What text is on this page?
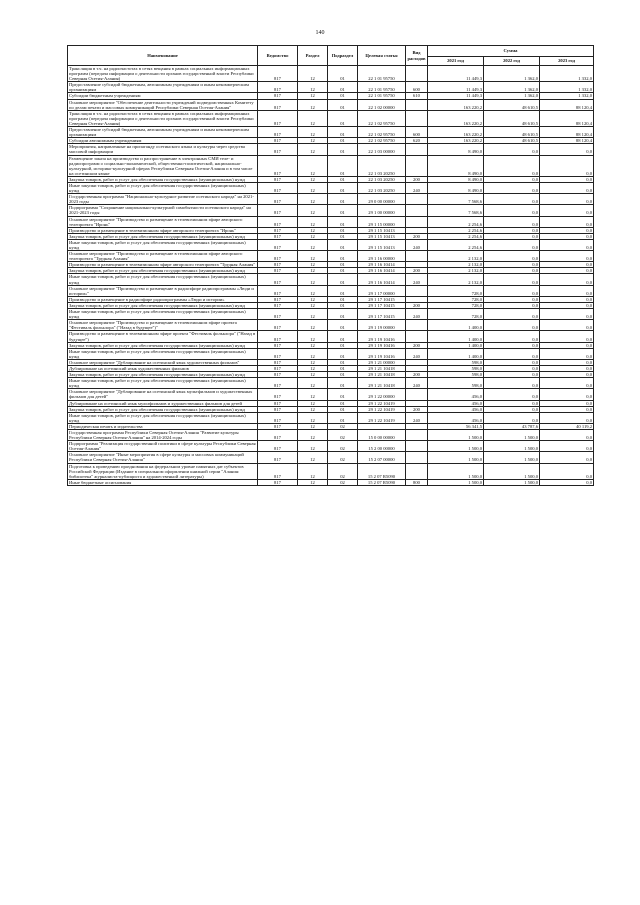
140
Наименование	Ведомство	Раздел	Подраздел	Целевая статья	Вид расходов	Сумма		
						2021 год	2022 год	2023 год
Трансляция в т.ч. на радиочастотах в сетях вещания в рамках социальных информационных программ (передача информации о деятельности органов государственной власти Республики Северная Осетия-Алания)	817	12	01	22 1 01 95750		11 449,3	1 362,0	1 332,0
Предоставление субсидий бюджетным, автономным учреждениям и иным некоммерческим организациям	817	12	01	22 1 01 95750	600	11 449,3	1 362,0	1 332,0
Субсидии бюджетным учреждениям	817	12	01	22 1 01 95750	610	11 449,3	1 362,0	1 332,0
Основное мероприятие "Обеспечение деятельности учреждений подведомственных Комитету по делам печати и массовых коммуникаций Республики Северная Осетия-Алания"	817	12	01	22 1 02 00000		163 220,2	48 610,5	88 120,4
Трансляция в т.ч. на радиочастотах в сетях вещания в рамках социальных информационных программ (передача информации о деятельности органов государственной власти Республики Северная Осетия-Алания)	817	12	01	22 1 02 95750		163 220,2	48 610,5	88 120,4
Предоставление субсидий бюджетным, автономным учреждениям и иным некоммерческим организациям	817	12	01	22 1 02 95750	600	163 220,2	48 610,5	88 120,4
Субсидии автономным учреждениям	817	12	01	22 1 02 95750	620	163 220,2	48 610,5	88 120,4
Мероприятия, направленные на пропаганду осетинского языка и культуры через средства массовой информации	817	12	01	22 1 03 00000		8 490,0	0,0	0,0
Размещение заказа на производство и распространение в электронных СМИ теле- и радиопрограмм о социально-экономической, общественно-политической, национально-культурной, историко-культурной сферах Республики Северная Осетия-Алания и в том числе на осетинском языке	817	12	01	22 1 03 20250		8 490,0	0,0	0,0
Закупка товаров, работ и услуг для обеспечения государственных (муниципальных) нужд	817	12	01	22 1 03 20250	200	8 490,0	0,0	0,0
Иные закупки товаров, работ и услуг для обеспечения государственных (муниципальных) нужд	817	12	01	22 1 03 20250	240	8 490,0	0,0	0,0
Государственная программа "Национально-культурное развитие осетинского народа" на 2021-2023 годы	817	12	01	29 0 00 00000		7 568,6	0,0	0,0
Подпрограмма "Сохранение национально-культурной самобытности осетинского народа" на 2021-2023 годы	817	12	01	29 1 00 00000		7 568,6	0,0	0,0
Основное мероприятие "Производство и размещение в телевизионном эфире авторского телепроекта "Иронь"	817	12	01	29 1 15 00000		2 254,6	0,0	0,0
Производство и размещение в телевизионном эфире авторского телепроекта "Иронь"	817	12	01	29 1 15 10413		2 254,6	0,0	0,0
Закупка товаров, работ и услуг для обеспечения государственных (муниципальных) нужд	817	12	01	29 1 15 10413	200	2 254,6	0,0	0,0
Иные закупки товаров, работ и услуг для обеспечения государственных (муниципальных) нужд	817	12	01	29 1 15 10413	240	2 254,6	0,0	0,0
Основное мероприятие "Производство и размещение в телевизионном эфире авторского телепроекта "Трудная Алания"	817	12	01	29 1 16 00000		2 132,0	0,0	0,0
Производство и размещение в телевизионном эфире авторского телепроекта "Трудная Алания"	817	12	01	29 1 16 10414		2 132,0	0,0	0,0
Закупка товаров, работ и услуг для обеспечения государственных (муниципальных) нужд	817	12	01	29 1 16 10414	200	2 132,0	0,0	0,0
Иные закупки товаров, работ и услуг для обеспечения государственных (муниципальных) нужд	817	12	01	29 1 16 10414	240	2 132,0	0,0	0,0
Основное мероприятие "Производство и размещение в радиоэфире радиопрограммы «Люди и истории»"	817	12	01	29 1 17 00000		728,0	0,0	0,0
Производство и размещение в радиоэфире радиопрограммы «Люди и истории»	817	12	01	29 1 17 10415		728,0	0,0	0,0
Закупка товаров, работ и услуг для обеспечения государственных (муниципальных) нужд	817	12	01	29 1 17 10415	200	728,0	0,0	0,0
Иные закупки товаров, работ и услуг для обеспечения государственных (муниципальных) нужд	817	12	01	29 1 17 10415	240	728,0	0,0	0,0
Основное мероприятие "Производство и размещение в телевизионном эфире проекта "Фестиваль фольклора" ("Назад в будущее")"	817	12	01	29 1 19 00000		1 400,0	0,0	0,0
Производство и размещение в телевизионном эфире проекта "Фестиваль фольклора" ("Назад в будущее")	817	12	01	29 1 19 10416		1 400,0	0,0	0,0
Закупка товаров, работ и услуг для обеспечения государственных (муниципальных) нужд	817	12	01	29 1 19 10416	200	1 400,0	0,0	0,0
Иные закупки товаров, работ и услуг для обеспечения государственных (муниципальных) нужд	817	12	01	29 1 19 10416	240	1 400,0	0,0	0,0
Основное мероприятие "Дублирование на осетинский язык художественных фильмов"	817	12	01	29 1 21 00000		598,0	0,0	0,0
Дублирование на осетинский язык художественных фильмов	817	12	01	29 1 21 10418		598,0	0,0	0,0
Закупка товаров, работ и услуг для обеспечения государственных (муниципальных) нужд	817	12	01	29 1 21 10418	200	598,0	0,0	0,0
Иные закупки товаров, работ и услуг для обеспечения государственных (муниципальных) нужд	817	12	01	29 1 21 10418	240	598,0	0,0	0,0
Основное мероприятие "Дублирование на осетинский язык мультфильмов и художественных фильмов для детей"	817	12	01	29 1 22 00000		456,0	0,0	0,0
Дублирование на осетинский язык мультфильмов и художественных фильмов для детей	817	12	01	29 1 22 10419		456,0	0,0	0,0
Закупка товаров, работ и услуг для обеспечения государственных (муниципальных) нужд	817	12	01	29 1 22 10419	200	456,0	0,0	0,0
Иные закупки товаров, работ и услуг для обеспечения государственных (муниципальных) нужд	817	12	01	29 1 22 10419	240	456,0	0,0	0,0
Периодическая печать и издательства	817	12	02			56 341,5	43 787,6	40 119,2
Государственная программа Республики Северная Осетия-Алания "Развитие культуры Республики Северная Осетия-Алания" на 2014-2024 годы	817	12	02	15 0 00 00000		1 500,0	1 500,0	0,0
Подпрограмма "Реализация государственной политики в сфере культуры Республики Северная Осетия-Алания"	817	12	02	15 2 00 00000		1 500,0	1 500,0	0,0
Основное мероприятие "Иные мероприятия в сфере культуры и массовых коммуникаций Республики Северная Осетия-Алания"	817	12	02	15 2 07 00000		1 500,0	1 500,0	0,0
Подготовка к проведению празднования на федеральном уровне памятных дат субъектов Российской Федерации (Издание в специальном оформлении книжной серии "Алания: библиотека" журналиста-публициста и художественной литературы)	817	12	02	15 2 07 R5090		1 500,0	1 500,0	0,0
Иные бюджетные ассигнования	817	12	02	15 2 07 R5090	800	1 500,0	1 500,0	0,0
